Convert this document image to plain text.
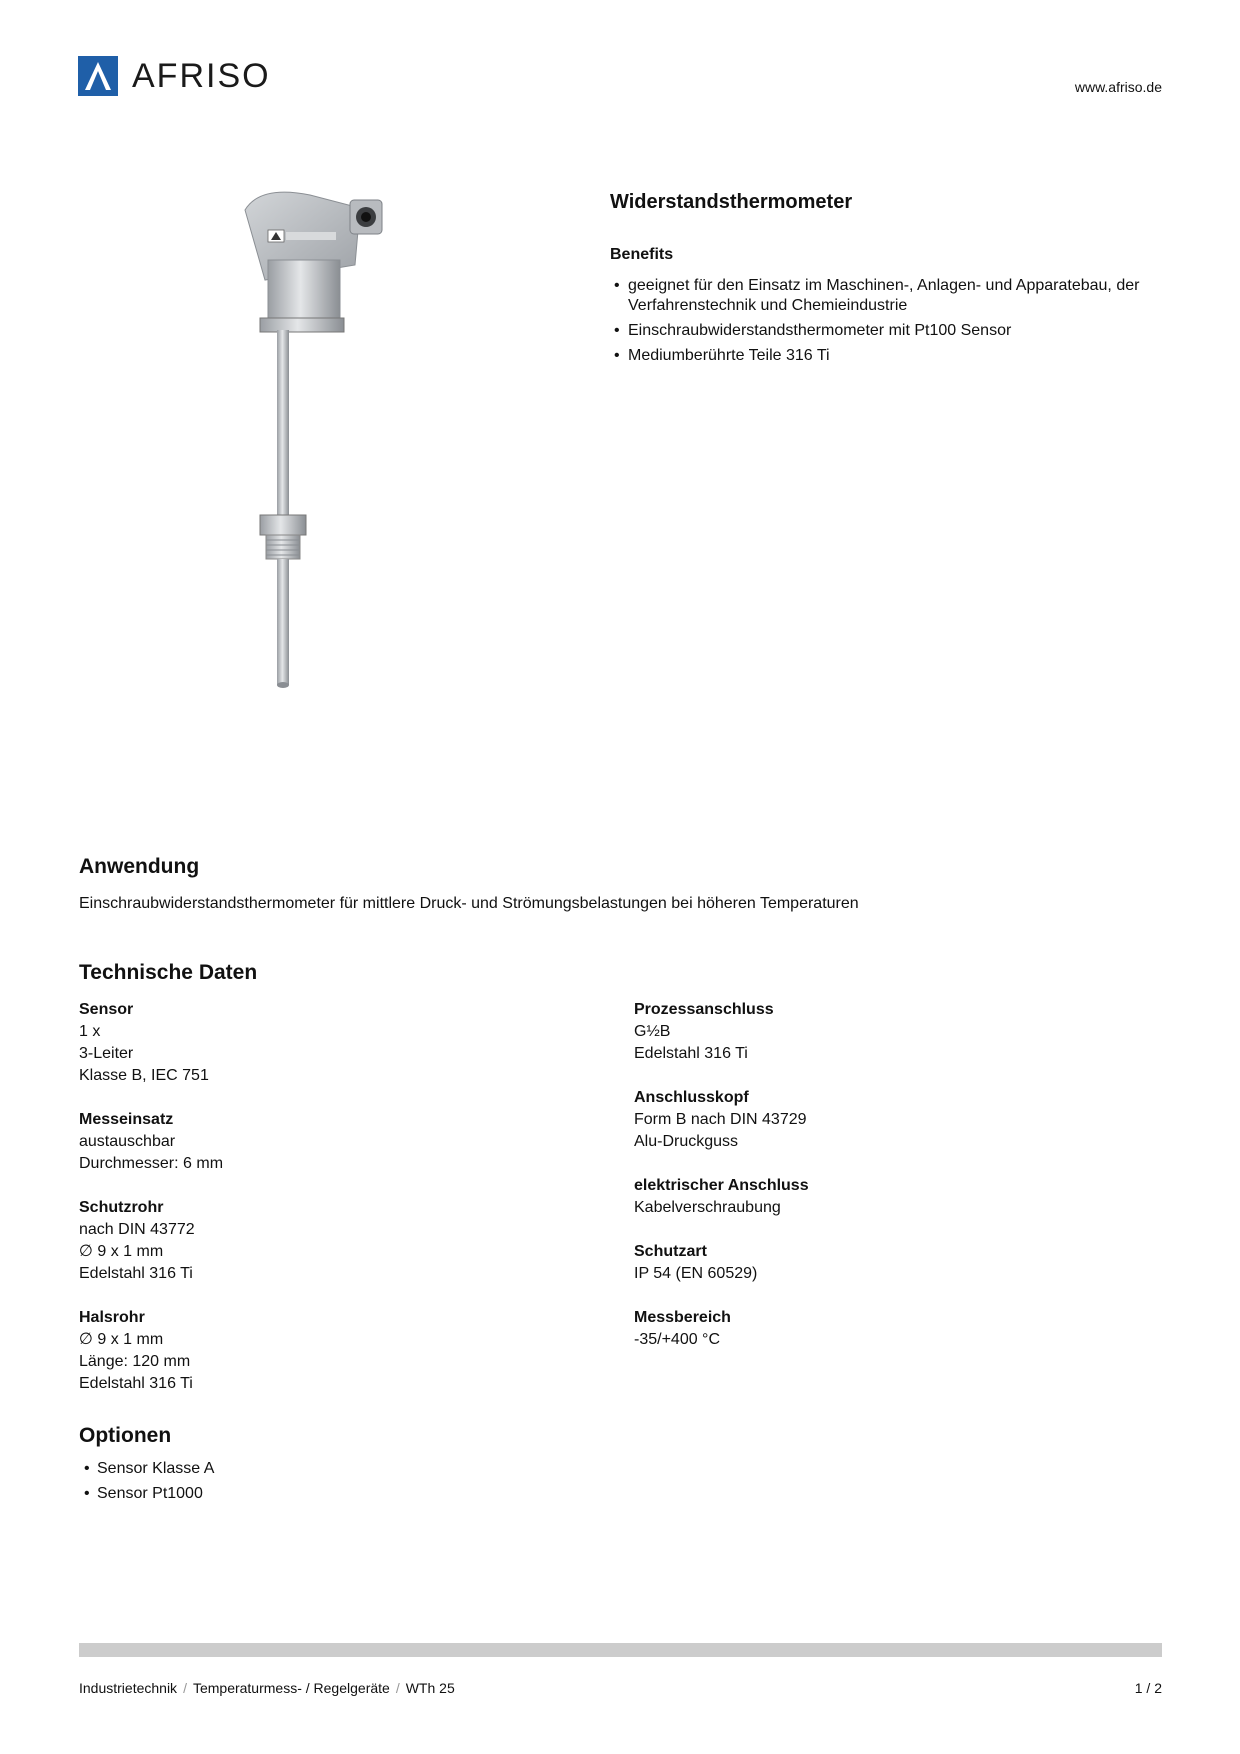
AFRISO	www.afriso.de
Widerstandsthermometer
Benefits
• geeignet für den Einsatz im Maschinen-, Anlagen- und Apparatebau, der Verfahrenstechnik und Chemieindustrie
• Einschraubwiderstandsthermometer mit Pt100 Sensor
• Mediumberührte Teile 316 Ti
Anwendung
Einschraubwiderstandsthermometer für mittlere Druck- und Strömungsbelastungen bei höheren Temperaturen
Technische Daten
Sensor
1 x
3-Leiter
Klasse B, IEC 751
Messeinsatz
austauschbar
Durchmesser: 6 mm
Schutzrohr
nach DIN 43772
∅ 9 x 1 mm
Edelstahl 316 Ti
Halsrohr
∅ 9 x 1 mm
Länge: 120 mm
Edelstahl 316 Ti
Prozessanschluss
G½B
Edelstahl 316 Ti
Anschlusskopf
Form B nach DIN 43729
Alu-Druckguss
elektrischer Anschluss
Kabelverschraubung
Schutzart
IP 54 (EN 60529)
Messbereich
-35/+400 °C
Optionen
• Sensor Klasse A
• Sensor Pt1000
Industrietechnik / Temperaturmess- / Regelgeräte / WTh 25	1 / 2
